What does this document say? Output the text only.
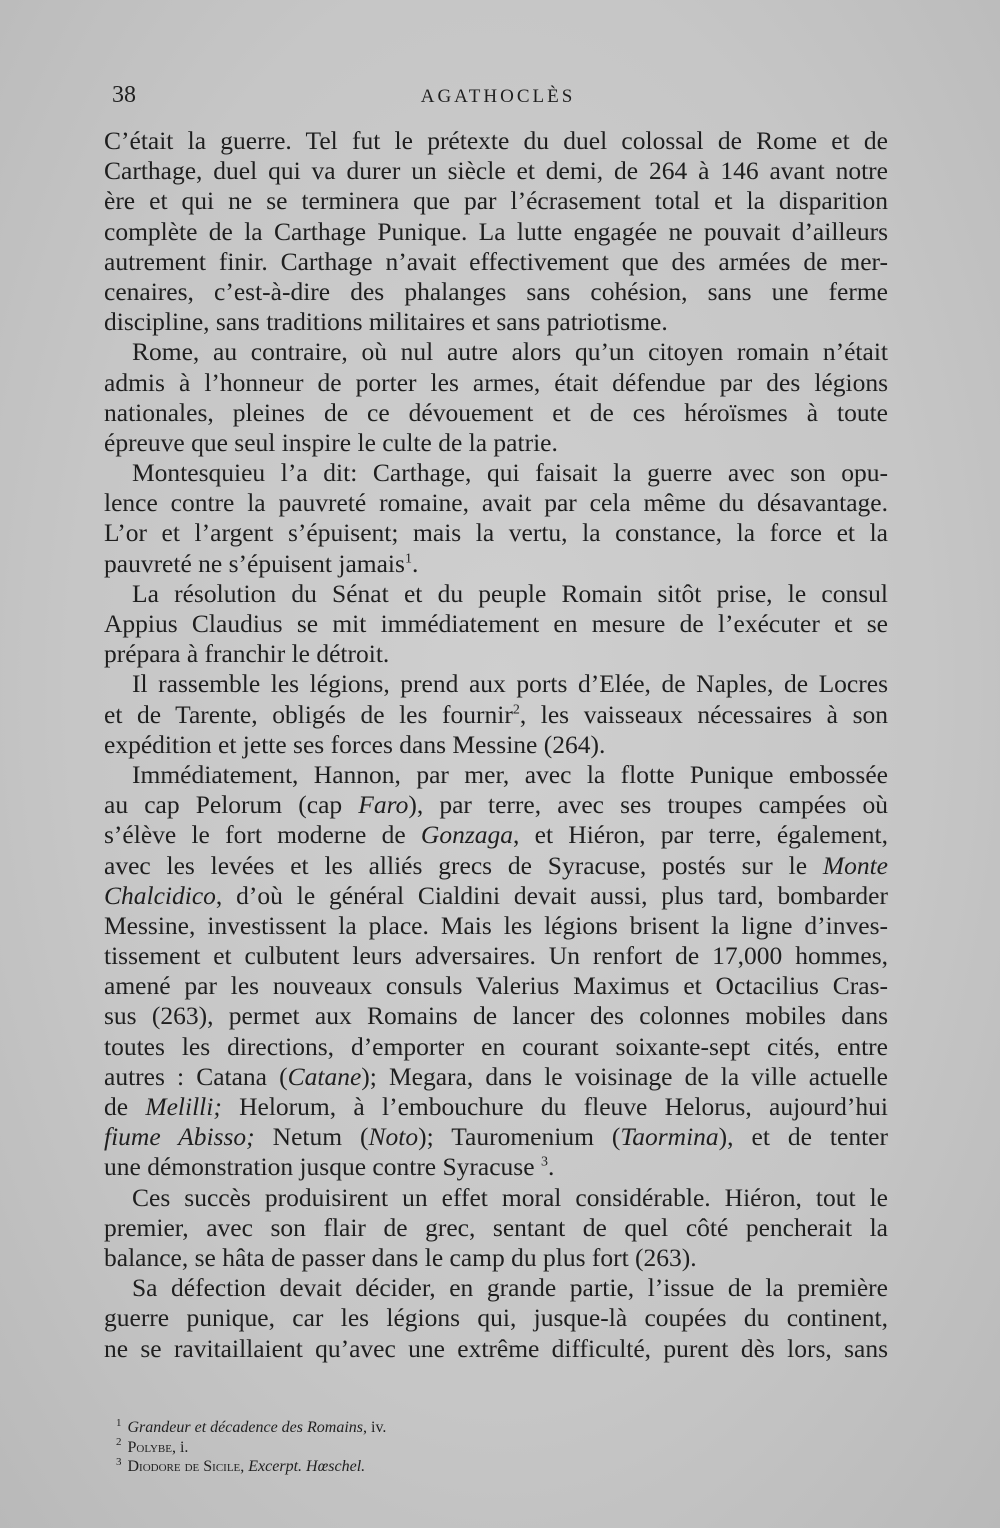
38	AGATHOCLÈS
C’était la guerre. Tel fut le prétexte du duel colossal de Rome et de
Carthage, duel qui va durer un siècle et demi, de 264 à 146 avant notre
ère et qui ne se terminera que par l’écrasement total et la disparition
complète de la Carthage Punique. La lutte engagée ne pouvait d’ailleurs
autrement finir. Carthage n’avait effectivement que des armées de mer-
cenaires, c’est-à-dire des phalanges sans cohésion, sans une ferme
discipline, sans traditions militaires et sans patriotisme.
Rome, au contraire, où nul autre alors qu’un citoyen romain n’était
admis à l’honneur de porter les armes, était défendue par des légions
nationales, pleines de ce dévouement et de ces héroïsmes à toute
épreuve que seul inspire le culte de la patrie.
Montesquieu l’a dit: Carthage, qui faisait la guerre avec son opu-
lence contre la pauvreté romaine, avait par cela même du désavantage.
L’or et l’argent s’épuisent; mais la vertu, la constance, la force et la
pauvreté ne s’épuisent jamais$^1$.
La résolution du Sénat et du peuple Romain sitôt prise, le consul
Appius Claudius se mit immédiatement en mesure de l’exécuter et se
prépara à franchir le détroit.
Il rassemble les légions, prend aux ports d’Elée, de Naples, de Locres
et de Tarente, obligés de les fournir$^2$, les vaisseaux nécessaires à son
expédition et jette ses forces dans Messine (264).
Immédiatement, Hannon, par mer, avec la flotte Punique embossée
au cap Pelorum (cap Faro), par terre, avec ses troupes campées où
s’élève le fort moderne de Gonzaga, et Hiéron, par terre, également,
avec les levées et les alliés grecs de Syracuse, postés sur le Monte
Chalcidico, d’où le général Cialdini devait aussi, plus tard, bombarder
Messine, investissent la place. Mais les légions brisent la ligne d’inves-
tissement et culbutent leurs adversaires. Un renfort de 17,000 hommes,
amené par les nouveaux consuls Valerius Maximus et Octacilius Cras-
sus (263), permet aux Romains de lancer des colonnes mobiles dans
toutes les directions, d’emporter en courant soixante-sept cités, entre
autres : Catana (Catane); Megara, dans le voisinage de la ville actuelle
de Melilli; Helorum, à l’embouchure du fleuve Helorus, aujourd’hui
fiume Abisso; Netum (Noto); Tauromenium (Taormina), et de tenter
une démonstration jusque contre Syracuse $^3$.
Ces succès produisirent un effet moral considérable. Hiéron, tout le
premier, avec son flair de grec, sentant de quel côté pencherait la
balance, se hâta de passer dans le camp du plus fort (263).
Sa défection devait décider, en grande partie, l’issue de la première
guerre punique, car les légions qui, jusque-là coupées du continent,
ne se ravitaillaient qu’avec une extrême difficulté, purent dès lors, sans
$^1$ Grandeur et décadence des Romains, iv.
$^2$ Polybe, i.
$^3$ Diodore de Sicile, Excerpt. Hœschel.
